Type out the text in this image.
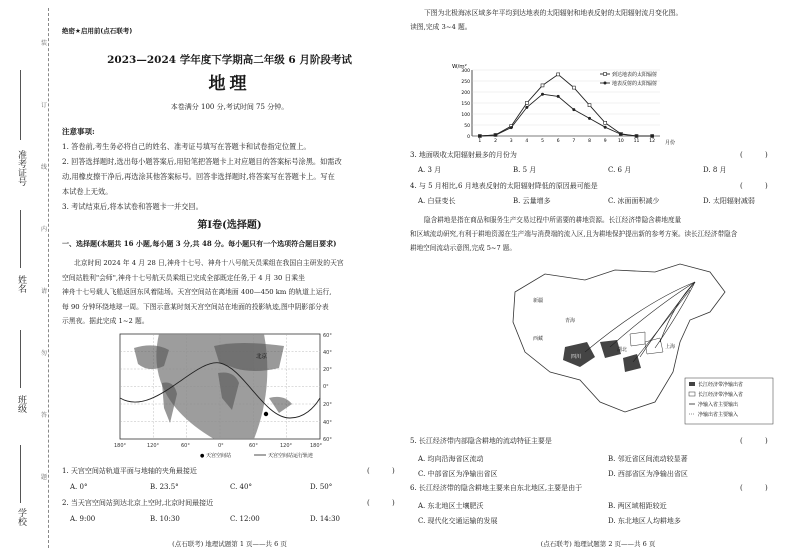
准考证号
姓名
班级
学校
装
订
线
内
请
勿
答
题
绝密★启用前(点石联考)
2023—2024 学年度下学期高二年级 6 月阶段考试
地理
本卷满分 100 分,考试时间 75 分钟。
注意事项:
1. 答卷前,考生务必将自己的姓名、准考证号填写在答题卡和试卷指定位置上。
2. 回答选择题时,选出每小题答案后,用铅笔把答题卡上对应题目的答案标号涂黑。如需改
动,用橡皮擦干净后,再选涂其他答案标号。回答非选择题时,将答案写在答题卡上。写在
本试卷上无效。
3. 考试结束后,将本试卷和答题卡一并交回。
第Ⅰ卷(选择题)
一、选择题(本题共 16 小题,每小题 3 分,共 48 分。每小题只有一个选项符合题目要求)
北京时间 2024 年 4 月 28 日,神舟十七号、神舟十八号航天员乘组在我国自主研发的天宫
空间站胜利"会师",神舟十七号航天员乘组已完成全部既定任务,于 4 月 30 日乘坐
神舟十七号载人飞船返回东风着陆场。天宫空间站在离地面 400—450 km 的轨道上运行,
每 90 分钟环绕地球一周。下图示意某时刻天宫空间站在地面的投影轨迹,图中阴影部分表
示黑夜。据此完成 1~2 题。
北京
60°
40°
20°
0°
20°
40°
60°
180°	120°	60°	0°	60°	120°	180°
● 天宫空间站	天宫空间站运行轨迹
1. 天宫空间站轨道平面与地轴的夹角最接近	( )
A. 0°	B. 23.5°	C. 40°	D. 50°
2. 当天宫空间站到达北京上空时,北京时间最接近	( )
A. 9:00	B. 10:30	C. 12:00	D. 14:30
(点石联考) 地理试题第 1 页——共 6 页
下图为北极海冰区域多年平均到达地表的太阳辐射和地表反射的太阳辐射流月变化图。
读图,完成 3~4 题。
W/m²
0
50
100
150
200
250
300
1	2	3	4	5	6	7	8	9	10 11 12 月份
到达地表的太阳辐射
地表反射的太阳辐射
3. 地面吸收太阳辐射最多的月份为	( )
A. 3 月	B. 5 月	C. 6 月	D. 8 月
4. 与 5 月相比,6 月地表反射的太阳辐射降低的原因最可能是	( )
A. 白昼变长	B. 云量增多	C. 冰面面积减少	D. 太阳辐射减弱
隐含耕地是指在商品和服务生产交易过程中所需要的耕地资源。长江经济带隐含耕地度量
和区域流动研究,有利于耕地资源在生产端与消费端的流入区,且为耕地保护提出新的参考方案。读长江经济带隐含
耕地空间流动示意图,完成 5~7 题。
新疆
西藏
青海
四川
湖北	上海
长江经济带净输出省
长江经济带净输入省
净输入省主要输出
净输出省主要输入
5. 长江经济带内部隐含耕地的流动特征主要是	( )
A. 均向沿海省区流动	B. 邻近省区间流动较显著
C. 中部省区为净输出省区	D. 西部省区为净输出省区
6. 长江经济带的隐含耕地主要来自东北地区,主要是由于	( )
A. 东北地区土壤肥沃	B. 两区域相距较近
C. 现代化交通运输的发展	D. 东北地区人均耕地多
(点石联考) 地理试题第 2 页——共 6 页
